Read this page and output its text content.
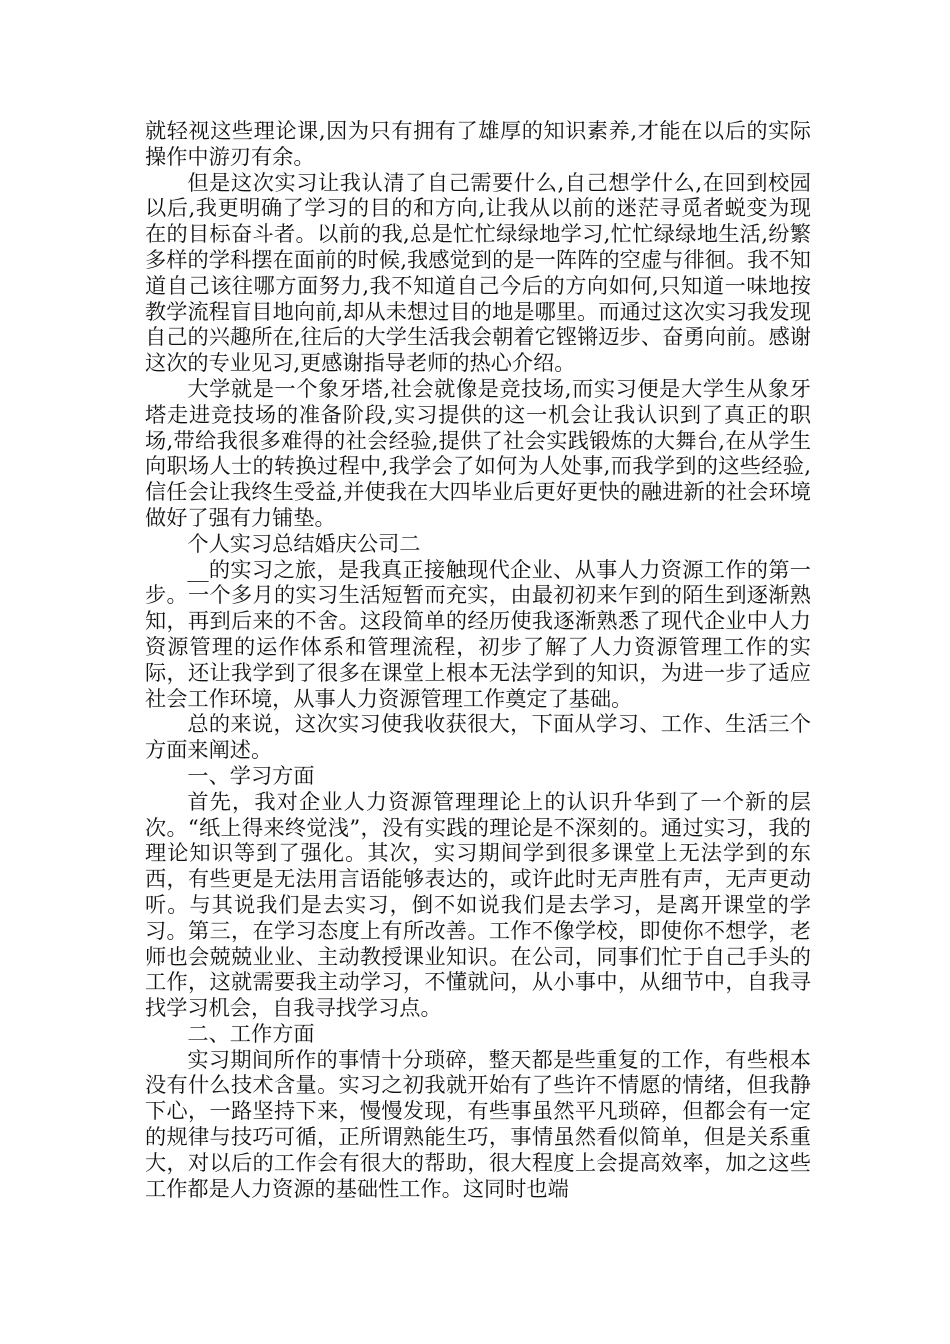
就轻视这些理论课,因为只有拥有了雄厚的知识素养,才能在以后的实际操作中游刃有余。

但是这次实习让我认清了自己需要什么,自己想学什么,在回到校园以后,我更明确了学习的目的和方向,让我从以前的迷茫寻觅者蜕变为现在的目标奋斗者。以前的我,总是忙忙绿绿地学习,忙忙绿绿地生活,纷繁多样的学科摆在面前的时候,我感觉到的是一阵阵的空虚与徘徊。我不知道自己该往哪方面努力,我不知道自己今后的方向如何,只知道一味地按教学流程盲目地向前,却从未想过目的地是哪里。而通过这次实习我发现自己的兴趣所在,往后的大学生活我会朝着它铿锵迈步、奋勇向前。感谢这次的专业见习,更感谢指导老师的热心介绍。

大学就是一个象牙塔,社会就像是竞技场,而实习便是大学生从象牙塔走进竞技场的准备阶段,实习提供的这一机会让我认识到了真正的职场,带给我很多难得的社会经验,提供了社会实践锻炼的大舞台,在从学生向职场人士的转换过程中,我学会了如何为人处事,而我学到的这些经验,信任会让我终生受益,并使我在大四毕业后更好更快的融进新的社会环境做好了强有力铺垫。

个人实习总结婚庆公司二

__的实习之旅，是我真正接触现代企业、从事人力资源工作的第一步。一个多月的实习生活短暂而充实，由最初初来乍到的陌生到逐渐熟知，再到后来的不舍。这段简单的经历使我逐渐熟悉了现代企业中人力资源管理的运作体系和管理流程，初步了解了人力资源管理工作的实际，还让我学到了很多在课堂上根本无法学到的知识，为进一步了适应社会工作环境，从事人力资源管理工作奠定了基础。

总的来说，这次实习使我收获很大，下面从学习、工作、生活三个方面来阐述。

一、学习方面

首先，我对企业人力资源管理理论上的认识升华到了一个新的层次。“纸上得来终觉浅”，没有实践的理论是不深刻的。通过实习，我的理论知识等到了强化。其次，实习期间学到很多课堂上无法学到的东西，有些更是无法用言语能够表达的，或许此时无声胜有声，无声更动听。与其说我们是去实习，倒不如说我们是去学习，是离开课堂的学习。第三，在学习态度上有所改善。工作不像学校，即使你不想学，老师也会兢兢业业、主动教授课业知识。在公司，同事们忙于自己手头的工作，这就需要我主动学习，不懂就问，从小事中，从细节中，自我寻找学习机会，自我寻找学习点。

二、工作方面

实习期间所作的事情十分琐碎，整天都是些重复的工作，有些根本没有什么技术含量。实习之初我就开始有了些许不情愿的情绪，但我静下心，一路坚持下来，慢慢发现，有些事虽然平凡琐碎，但都会有一定的规律与技巧可循，正所谓熟能生巧，事情虽然看似简单，但是关系重大，对以后的工作会有很大的帮助，很大程度上会提高效率，加之这些工作都是人力资源的基础性工作。这同时也端
